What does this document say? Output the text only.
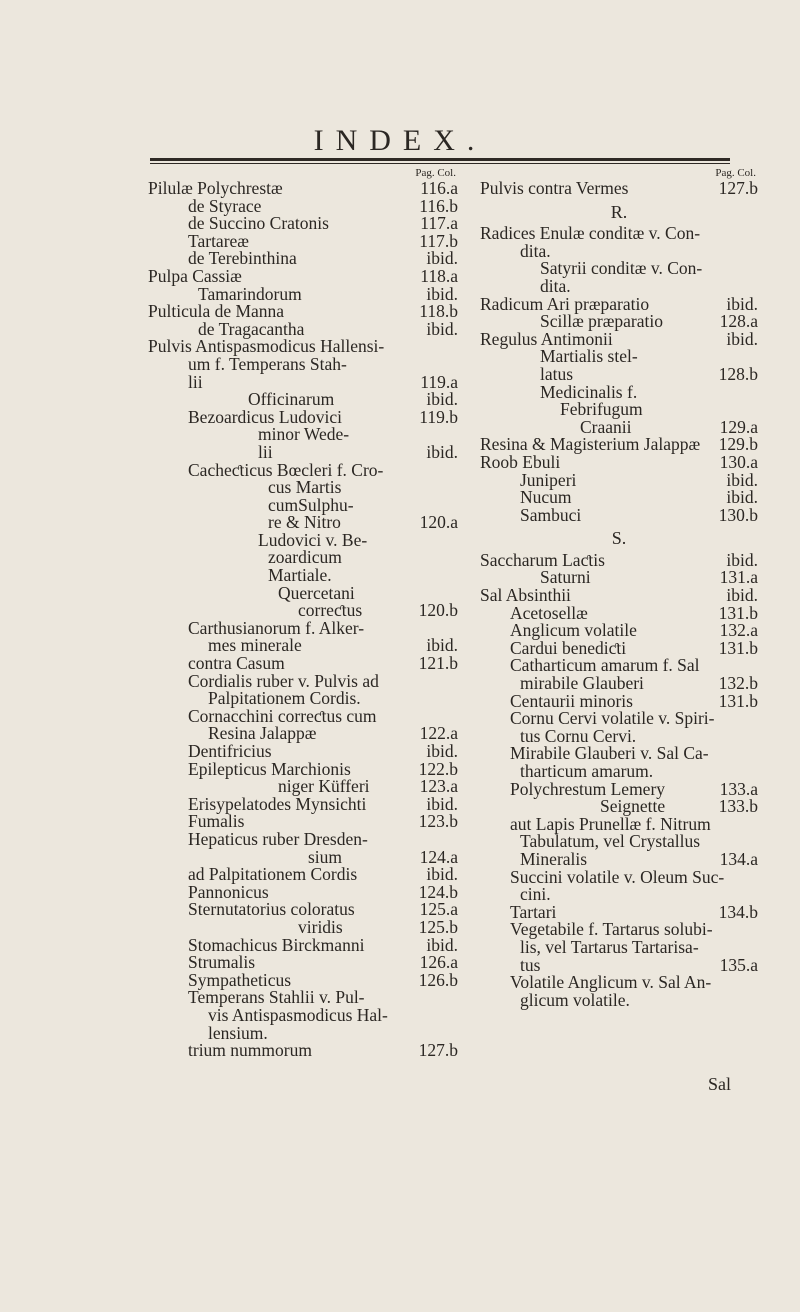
INDEX.
Pag. Col.
Pilulæ Polychrestæ	116.a
de Styrace	116.b
de Succino Cratonis	117.a
Tartareæ	117.b
de Terebinthina	ibid.
Pulpa Cassiæ	118.a
Tamarindorum	ibid.
Pulticula de Manna	118.b
de Tragacantha	ibid.
Pulvis Antispasmodicus Hallensi-
um f. Temperans Stah-
lii	119.a
Officinarum	ibid.
Bezoardicus Ludovici	119.b
minor Wede-
lii	ibid.
Cacheƈticus Bœcleri f. Cro-
cus Martis
cumSulphu-
re & Nitro	120.a
Ludovici v. Be-
zoardicum
Martiale.
Quercetani
correƈtus	120.b
Carthusianorum f. Alker-
mes minerale	ibid.
contra Casum	121.b
Cordialis ruber v. Pulvis ad
Palpitationem Cordis.
Cornacchini correƈtus cum
Resina Jalappæ	122.a
Dentifricius	ibid.
Epilepticus Marchionis	122.b
niger Küfferi	123.a
Erisypelatodes Mynsichti	ibid.
Fumalis	123.b
Hepaticus ruber Dresden-
sium	124.a
ad Palpitationem Cordis	ibid.
Pannonicus	124.b
Sternutatorius coloratus	125.a
viridis	125.b
Stomachicus Birckmanni	ibid.
Strumalis	126.a
Sympatheticus	126.b
Temperans Stahlii v. Pul-
vis Antispasmodicus Hal-
lensium.
trium nummorum	127.b
Pag. Col.
Pulvis contra Vermes	127.b
R.
Radices Enulæ conditæ v. Con-
dita.
Satyrii conditæ v. Con-
dita.
Radicum Ari præparatio	ibid.
Scillæ præparatio	128.a
Regulus Antimonii	ibid.
Martialis stel-
latus	128.b
Medicinalis f.
Febrifugum
Craanii	129.a
Resina & Magisterium Jalappæ 129.b
Roob Ebuli	130.a
Juniperi	ibid.
Nucum	ibid.
Sambuci	130.b
S.
Saccharum Laƈtis	ibid.
Saturni	131.a
Sal Absinthii	ibid.
Acetosellæ	131.b
Anglicum volatile	132.a
Cardui benediƈti	131.b
Catharticum amarum f. Sal
mirabile Glauberi	132.b
Centaurii minoris	131.b
Cornu Cervi volatile v. Spiri-
tus Cornu Cervi.
Mirabile Glauberi v. Sal Ca-
tharticum amarum.
Polychrestum Lemery	133.a
Seignette	133.b
aut Lapis Prunellæ f. Nitrum
Tabulatum, vel Crystallus
Mineralis	134.a
Succini volatile v. Oleum Suc-
cini.
Tartari	134.b
Vegetabile f. Tartarus solubi-
lis, vel Tartarus Tartarisa-
tus	135.a
Volatile Anglicum v. Sal An-
glicum volatile.
Sal
